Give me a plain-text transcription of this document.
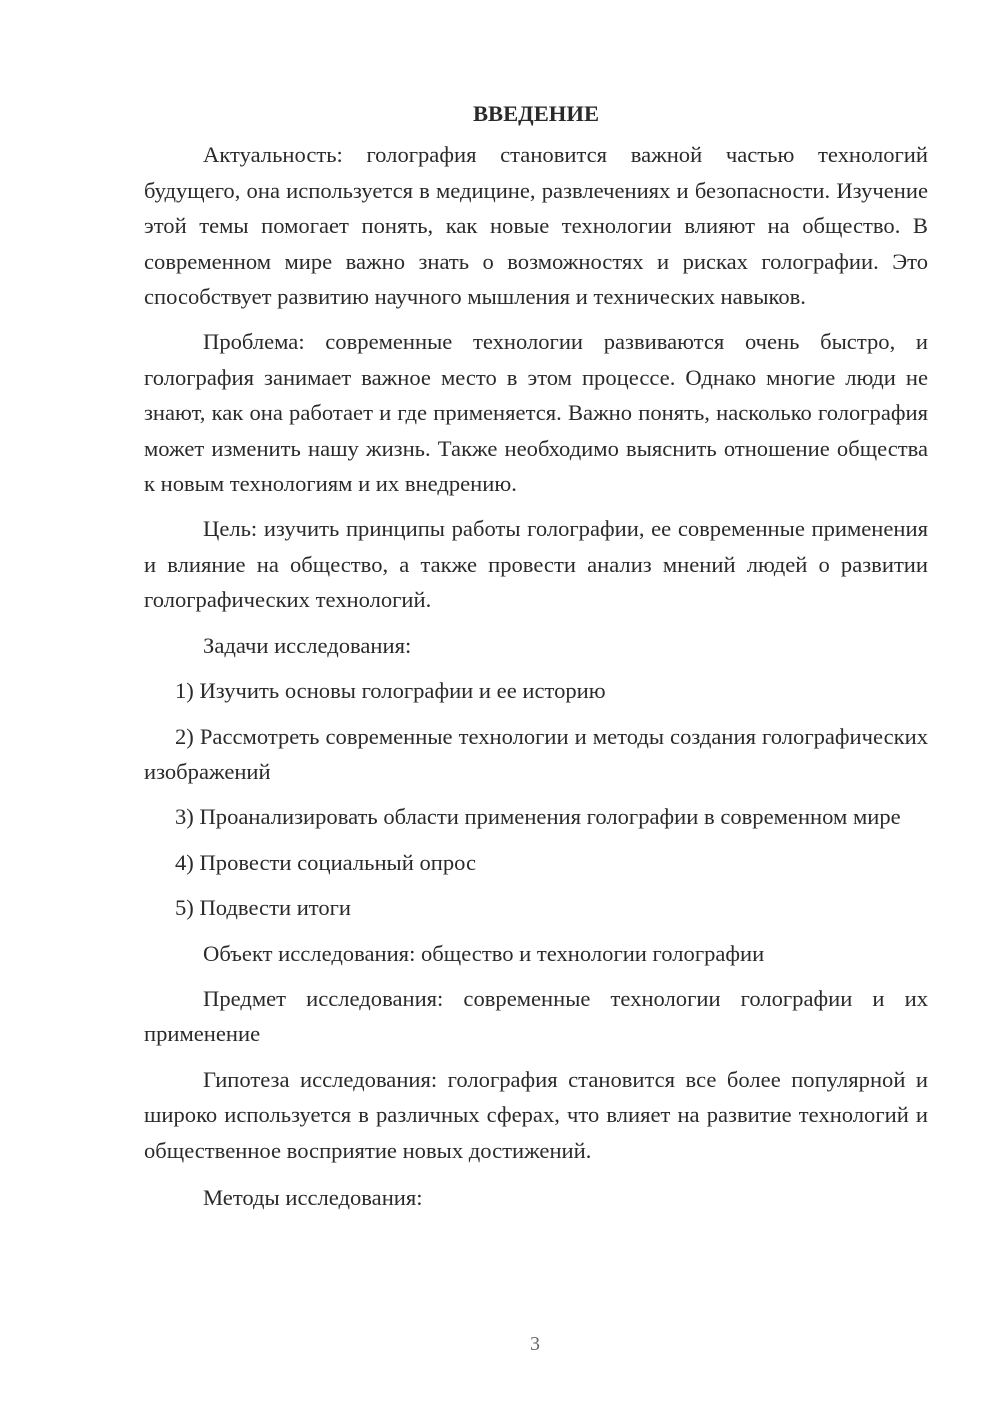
ВВЕДЕНИЕ

Актуальность: голография становится важной частью технологий будущего, она используется в медицине, развлечениях и безопасности. Изучение этой темы помогает понять, как новые технологии влияют на общество. В современном мире важно знать о возможностях и рисках голографии. Это способствует развитию научного мышления и технических навыков.

Проблема: современные технологии развиваются очень быстро, и голография занимает важное место в этом процессе. Однако многие люди не знают, как она работает и где применяется. Важно понять, насколько голография может изменить нашу жизнь. Также необходимо выяснить отношение общества к новым технологиям и их внедрению.

Цель: изучить принципы работы голографии, ее современные применения и влияние на общество, а также провести анализ мнений людей о развитии голографических технологий.

Задачи исследования:

1) Изучить основы голографии и ее историю

2) Рассмотреть современные технологии и методы создания голографических изображений

3) Проанализировать области применения голографии в современном мире

4) Провести социальный опрос

5) Подвести итоги

Объект исследования: общество и технологии голографии

Предмет исследования: современные технологии голографии и их применение

Гипотеза исследования: голография становится все более популярной и широко используется в различных сферах, что влияет на развитие технологий и общественное восприятие новых достижений.

Методы исследования:

3
